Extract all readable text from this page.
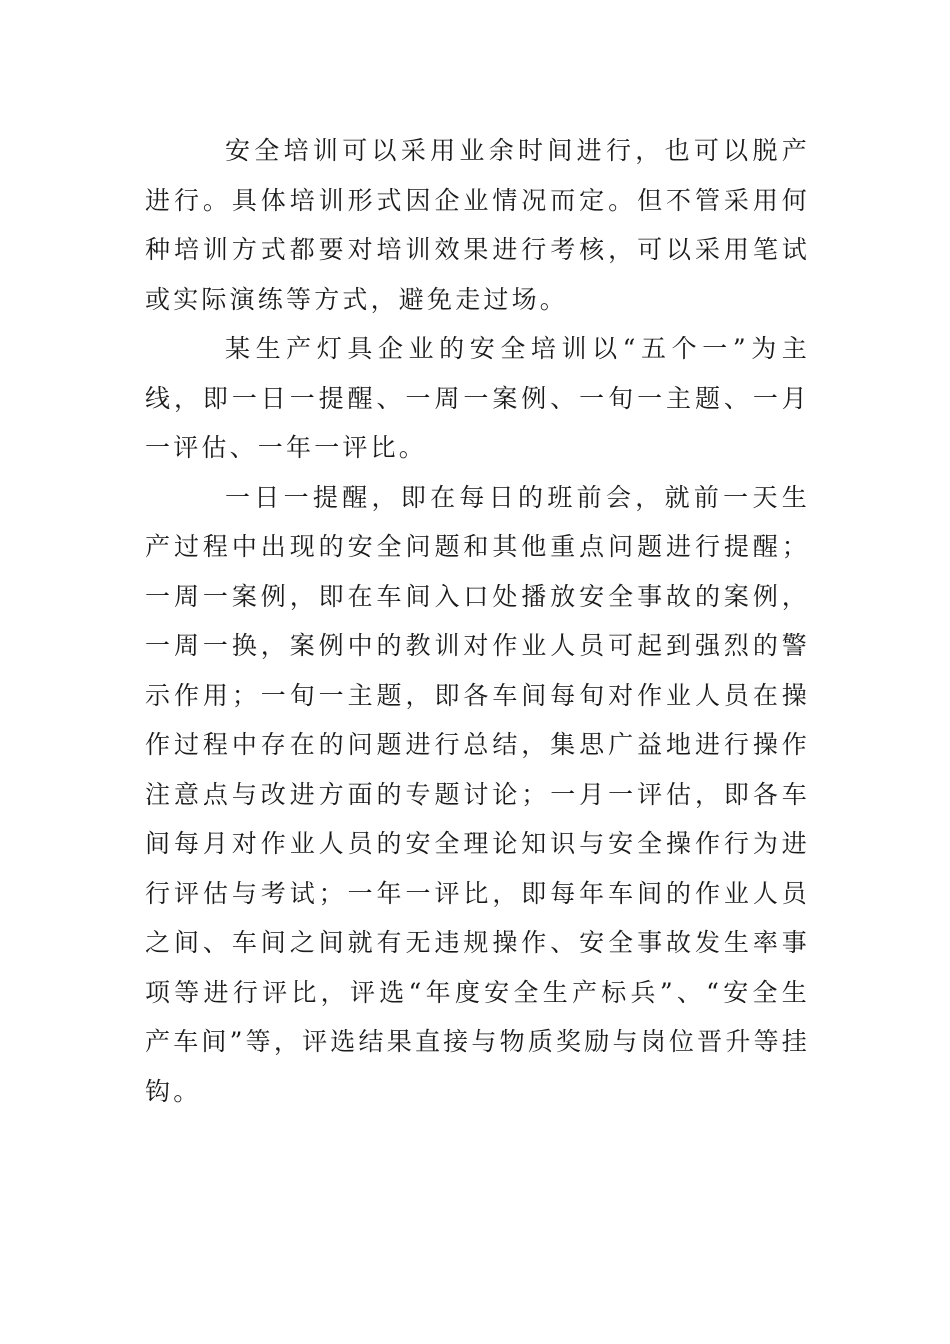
安全培训可以采用业余时间进行，也可以脱产进行。具体培训形式因企业情况而定。但不管采用何种培训方式都要对培训效果进行考核，可以采用笔试或实际演练等方式，避免走过场。

某生产灯具企业的安全培训以“五个一”为主线，即一日一提醒、一周一案例、一旬一主题、一月一评估、一年一评比。

一日一提醒，即在每日的班前会，就前一天生产过程中出现的安全问题和其他重点问题进行提醒；一周一案例，即在车间入口处播放安全事故的案例，一周一换，案例中的教训对作业人员可起到强烈的警示作用；一旬一主题，即各车间每旬对作业人员在操作过程中存在的问题进行总结，集思广益地进行操作注意点与改进方面的专题讨论；一月一评估，即各车间每月对作业人员的安全理论知识与安全操作行为进行评估与考试；一年一评比，即每年车间的作业人员之间、车间之间就有无违规操作、安全事故发生率事项等进行评比，评选“年度安全生产标兵”、“安全生产车间”等，评选结果直接与物质奖励与岗位晋升等挂钩。
